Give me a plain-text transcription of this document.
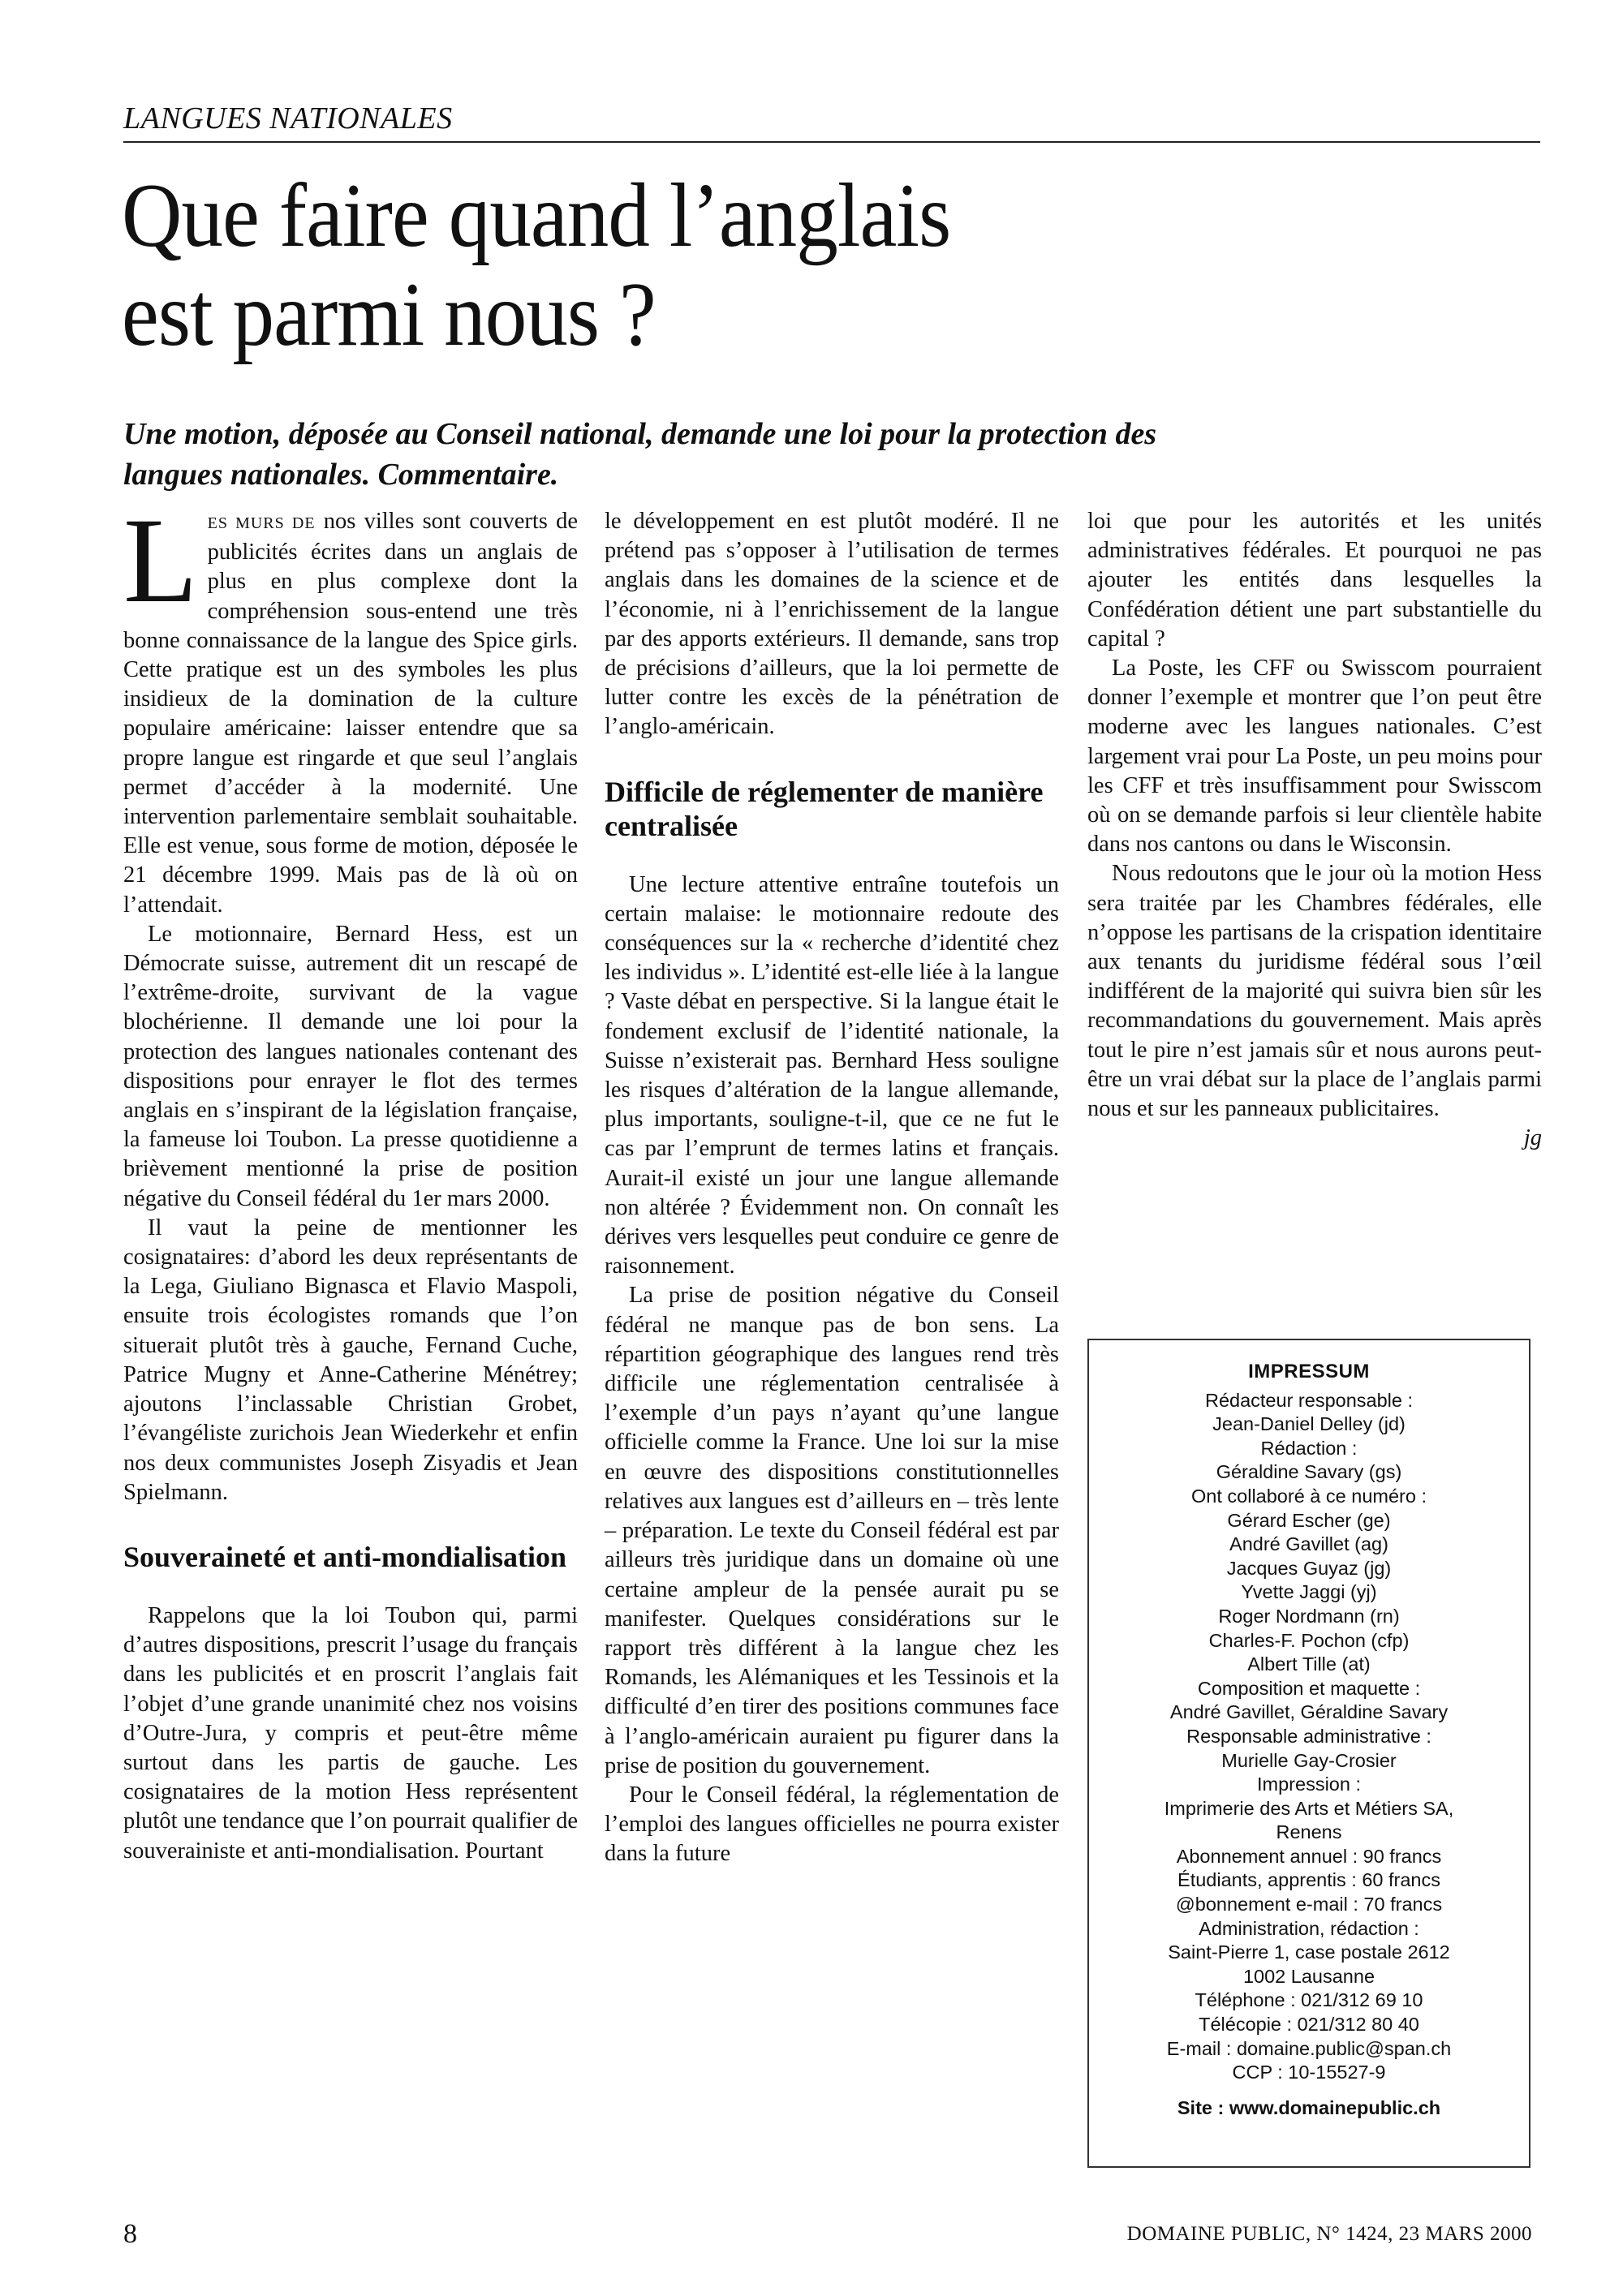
LANGUES NATIONALES
Que faire quand l’anglais
est parmi nous ?
Une motion, déposée au Conseil national, demande une loi pour la protection des langues nationales. Commentaire.

LES MURS DE nos villes sont couverts de publicités écrites dans un anglais de plus en plus complexe dont la compréhension sous-entend une très bonne connaissance de la langue des Spice girls. Cette pratique est un des symboles les plus insidieux de la domination de la culture populaire américaine: laisser entendre que sa propre langue est ringarde et que seul l’anglais permet d’accéder à la modernité. Une intervention parlementaire semblait souhaitable. Elle est venue, sous forme de motion, déposée le 21 décembre 1999. Mais pas de là où on l’attendait.

Le motionnaire, Bernard Hess, est un Démocrate suisse, autrement dit un rescapé de l’extrême-droite, survivant de la vague blochérienne. Il demande une loi pour la protection des langues nationales contenant des dispositions pour enrayer le flot des termes anglais en s’inspirant de la législation française, la fameuse loi Toubon. La presse quotidienne a brièvement mentionné la prise de position négative du Conseil fédéral du 1er mars 2000.

Il vaut la peine de mentionner les cosignataires: d’abord les deux représentants de la Lega, Giuliano Bignasca et Flavio Maspoli, ensuite trois écologistes romands que l’on situerait plutôt très à gauche, Fernand Cuche, Patrice Mugny et Anne-Catherine Ménétrey; ajoutons l’inclassable Christian Grobet, l’évangéliste zurichois Jean Wiederkehr et enfin nos deux communistes Joseph Zisyadis et Jean Spielmann.

Souveraineté et anti-mondialisation

Rappelons que la loi Toubon qui, parmi d’autres dispositions, prescrit l’usage du français dans les publicités et en proscrit l’anglais fait l’objet d’une grande unanimité chez nos voisins d’Outre-Jura, y compris et peut-être même surtout dans les partis de gauche. Les cosignataires de la motion Hess représentent plutôt une tendance que l’on pourrait qualifier de souverainiste et anti-mondialisation. Pourtant

le développement en est plutôt modéré. Il ne prétend pas s’opposer à l’utilisation de termes anglais dans les domaines de la science et de l’économie, ni à l’enrichissement de la langue par des apports extérieurs. Il demande, sans trop de précisions d’ailleurs, que la loi permette de lutter contre les excès de la pénétration de l’anglo-américain.

Difficile de réglementer de manière centralisée

Une lecture attentive entraîne toutefois un certain malaise: le motionnaire redoute des conséquences sur la « recherche d’identité chez les individus ». L’identité est-elle liée à la langue ? Vaste débat en perspective. Si la langue était le fondement exclusif de l’identité nationale, la Suisse n’existerait pas. Bernhard Hess souligne les risques d’altération de la langue allemande, plus importants, souligne-t-il, que ce ne fut le cas par l’emprunt de termes latins et français. Aurait-il existé un jour une langue allemande non altérée ? Évidemment non. On connaît les dérives vers lesquelles peut conduire ce genre de raisonnement.

La prise de position négative du Conseil fédéral ne manque pas de bon sens. La répartition géographique des langues rend très difficile une réglementation centralisée à l’exemple d’un pays n’ayant qu’une langue officielle comme la France. Une loi sur la mise en œuvre des dispositions constitutionnelles relatives aux langues est d’ailleurs en – très lente – préparation. Le texte du Conseil fédéral est par ailleurs très juridique dans un domaine où une certaine ampleur de la pensée aurait pu se manifester. Quelques considérations sur le rapport très différent à la langue chez les Romands, les Alémaniques et les Tessinois et la difficulté d’en tirer des positions communes face à l’anglo-américain auraient pu figurer dans la prise de position du gouvernement.

Pour le Conseil fédéral, la réglementation de l’emploi des langues officielles ne pourra exister dans la future

loi que pour les autorités et les unités administratives fédérales. Et pourquoi ne pas ajouter les entités dans lesquelles la Confédération détient une part substantielle du capital ?

La Poste, les CFF ou Swisscom pourraient donner l’exemple et montrer que l’on peut être moderne avec les langues nationales. C’est largement vrai pour La Poste, un peu moins pour les CFF et très insuffisamment pour Swisscom où on se demande parfois si leur clientèle habite dans nos cantons ou dans le Wisconsin.

Nous redoutons que le jour où la motion Hess sera traitée par les Chambres fédérales, elle n’oppose les partisans de la crispation identitaire aux tenants du juridisme fédéral sous l’œil indifférent de la majorité qui suivra bien sûr les recommandations du gouvernement. Mais après tout le pire n’est jamais sûr et nous aurons peut-être un vrai débat sur la place de l’anglais parmi nous et sur les panneaux publicitaires.

jg
IMPRESSUM
Rédacteur responsable :
Jean-Daniel Delley (jd)
Rédaction :
Géraldine Savary (gs)
Ont collaboré à ce numéro :
Gérard Escher (ge)
André Gavillet (ag)
Jacques Guyaz (jg)
Yvette Jaggi (yj)
Roger Nordmann (rn)
Charles-F. Pochon (cfp)
Albert Tille (at)
Composition et maquette :
André Gavillet, Géraldine Savary
Responsable administrative :
Murielle Gay-Crosier
Impression :
Imprimerie des Arts et Métiers SA,
Renens
Abonnement annuel : 90 francs
Étudiants, apprentis : 60 francs
@bonnement e-mail : 70 francs
Administration, rédaction :
Saint-Pierre 1, case postale 2612
1002 Lausanne
Téléphone : 021/312 69 10
Télécopie : 021/312 80 40
E-mail : domaine.public@span.ch
CCP : 10-15527-9
Site : www.domainepublic.ch
8	DOMAINE PUBLIC, N° 1424, 23 MARS 2000
